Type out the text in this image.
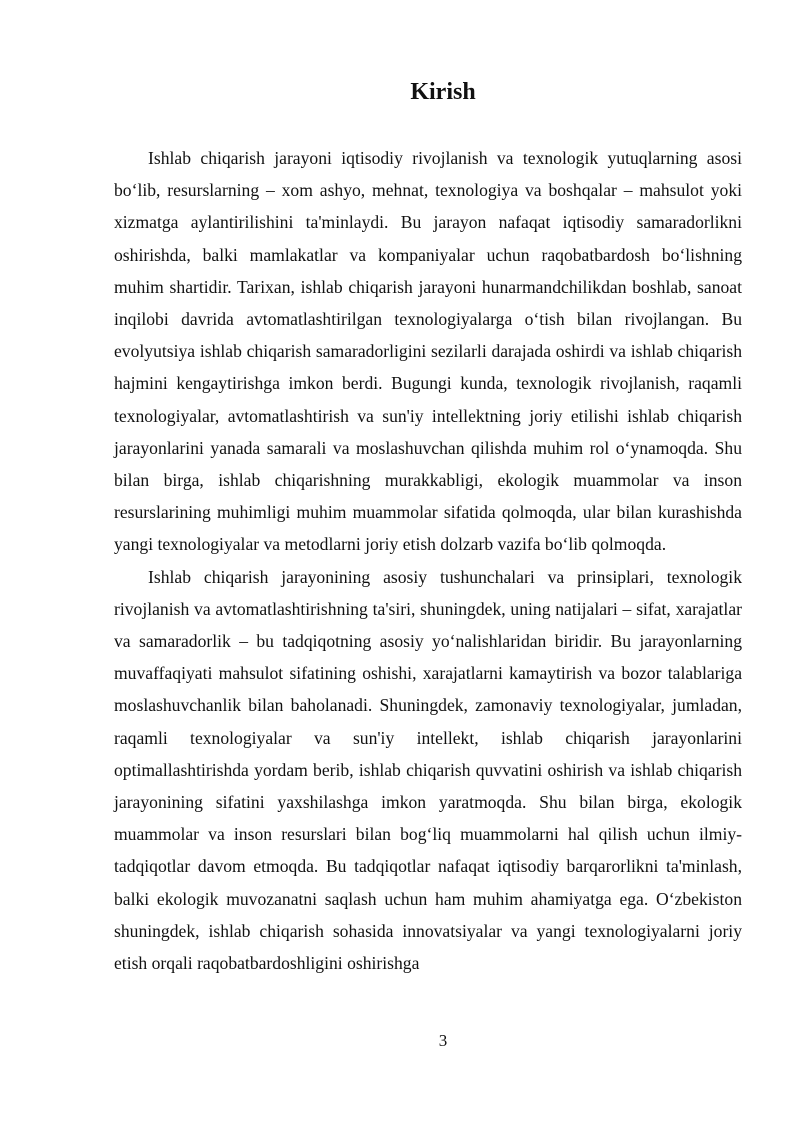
Kirish

Ishlab chiqarish jarayoni iqtisodiy rivojlanish va texnologik yutuqlarning asosi bo‘lib, resurslarning – xom ashyo, mehnat, texnologiya va boshqalar – mahsulot yoki xizmatga aylantirilishini ta'minlaydi. Bu jarayon nafaqat iqtisodiy samaradorlikni oshirishda, balki mamlakatlar va kompaniyalar uchun raqobatbardosh bo‘lishning muhim shartidir. Tarixan, ishlab chiqarish jarayoni hunarmandchilikdan boshlab, sanoat inqilobi davrida avtomatlashtirilgan texnologiyalarga o‘tish bilan rivojlangan. Bu evolyutsiya ishlab chiqarish samaradorligini sezilarli darajada oshirdi va ishlab chiqarish hajmini kengaytirishga imkon berdi. Bugungi kunda, texnologik rivojlanish, raqamli texnologiyalar, avtomatlashtirish va sun'iy intellektning joriy etilishi ishlab chiqarish jarayonlarini yanada samarali va moslashuvchan qilishda muhim rol o‘ynamoqda. Shu bilan birga, ishlab chiqarishning murakkabligi, ekologik muammolar va inson resurslarining muhimligi muhim muammolar sifatida qolmoqda, ular bilan kurashishda yangi texnologiyalar va metodlarni joriy etish dolzarb vazifa bo‘lib qolmoqda.

Ishlab chiqarish jarayonining asosiy tushunchalari va prinsiplari, texnologik rivojlanish va avtomatlashtirishning ta'siri, shuningdek, uning natijalari – sifat, xarajatlar va samaradorlik – bu tadqiqotning asosiy yo‘nalishlaridan biridir. Bu jarayonlarning muvaffaqiyati mahsulot sifatining oshishi, xarajatlarni kamaytirish va bozor talablariga moslashuvchanlik bilan baholanadi. Shuningdek, zamonaviy texnologiyalar, jumladan, raqamli texnologiyalar va sun'iy intellekt, ishlab chiqarish jarayonlarini optimallashtirishda yordam berib, ishlab chiqarish quvvatini oshirish va ishlab chiqarish jarayonining sifatini yaxshilashga imkon yaratmoqda. Shu bilan birga, ekologik muammolar va inson resurslari bilan bog‘liq muammolarni hal qilish uchun ilmiy-tadqiqotlar davom etmoqda. Bu tadqiqotlar nafaqat iqtisodiy barqarorlikni ta'minlash, balki ekologik muvozanatni saqlash uchun ham muhim ahamiyatga ega. O‘zbekiston shuningdek, ishlab chiqarish sohasida innovatsiyalar va yangi texnologiyalarni joriy etish orqali raqobatbardoshligini oshirishga

3
